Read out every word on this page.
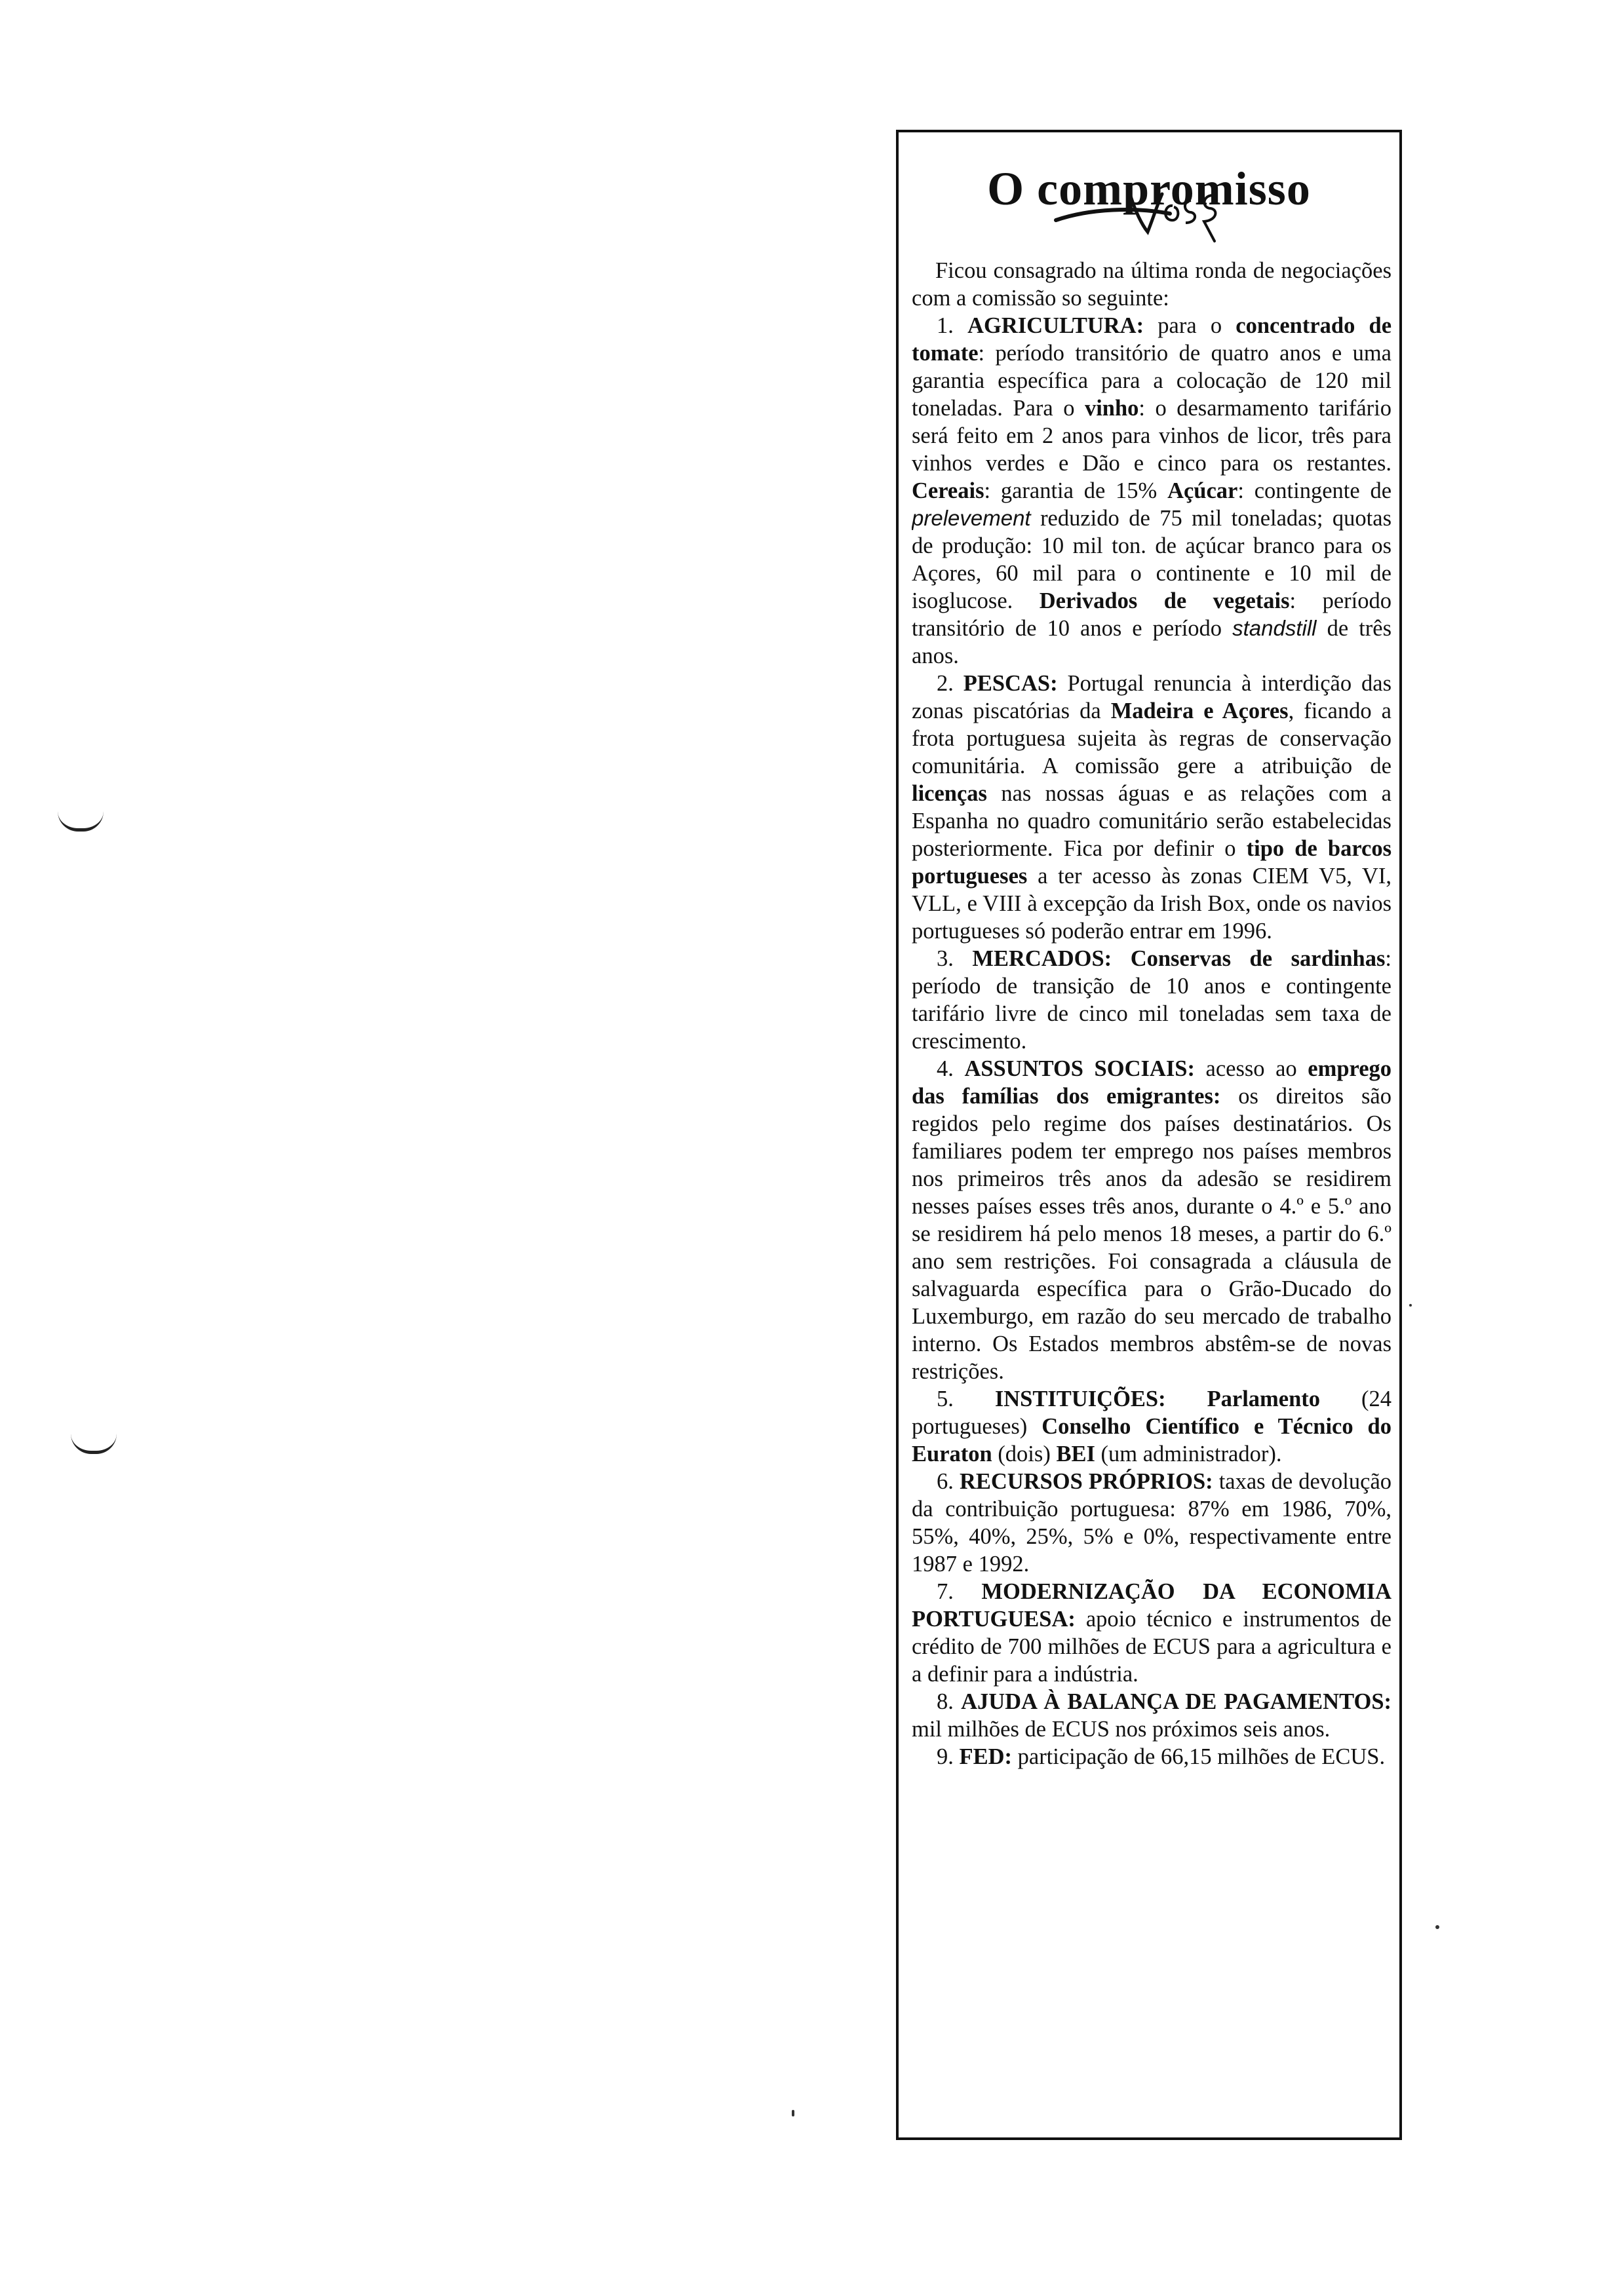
O compromisso

Ficou consagrado na última ronda de negociações com a comissão so seguinte:

1. AGRICULTURA: para o concentrado de tomate: período transitório de quatro anos e uma garantia específica para a colocação de 120 mil toneladas. Para o vinho: o desarmamento tarifário será feito em 2 anos para vinhos de licor, três para vinhos verdes e Dão e cinco para os restantes. Cereais: garantia de 15% Açúcar: contingente de prelevement reduzido de 75 mil toneladas; quotas de produção: 10 mil ton. de açúcar branco para os Açores, 60 mil para o continente e 10 mil de isoglucose. Derivados de vegetais: período transitório de 10 anos e período standstill de três anos.

2. PESCAS: Portugal renuncia à interdição das zonas piscatórias da Madeira e Açores, ficando a frota portuguesa sujeita às regras de conservação comunitária. A comissão gere a atribuição de licenças nas nossas águas e as relações com a Espanha no quadro comunitário serão estabelecidas posteriormente. Fica por definir o tipo de barcos portugueses a ter acesso às zonas CIEM V5, VI, VLL, e VIII à excepção da Irish Box, onde os navios portugueses só poderão entrar em 1996.

3. MERCADOS: Conservas de sardinhas: período de transição de 10 anos e contingente tarifário livre de cinco mil toneladas sem taxa de crescimento.

4. ASSUNTOS SOCIAIS: acesso ao emprego das famílias dos emigrantes: os direitos são regidos pelo regime dos países destinatários. Os familiares podem ter emprego nos países membros nos primeiros três anos da adesão se residirem nesses países esses três anos, durante o 4.º e 5.º ano se residirem há pelo menos 18 meses, a partir do 6.º ano sem restrições. Foi consagrada a cláusula de salvaguarda específica para o Grão-Ducado do Luxemburgo, em razão do seu mercado de trabalho interno. Os Estados membros abstêm-se de novas restrições.

5. INSTITUIÇÕES: Parlamento (24 portugueses) Conselho Científico e Técnico do Euraton (dois) BEI (um administrador).

6. RECURSOS PRÓPRIOS: taxas de devolução da contribuição portuguesa: 87% em 1986, 70%, 55%, 40%, 25%, 5% e 0%, respectivamente entre 1987 e 1992.

7. MODERNIZAÇÃO DA ECONOMIA PORTUGUESA: apoio técnico e instrumentos de crédito de 700 milhões de ECUS para a agricultura e a definir para a indústria.

8. AJUDA À BALANÇA DE PAGAMENTOS: mil milhões de ECUS nos próximos seis anos.

9. FED: participação de 66,15 milhões de ECUS.
